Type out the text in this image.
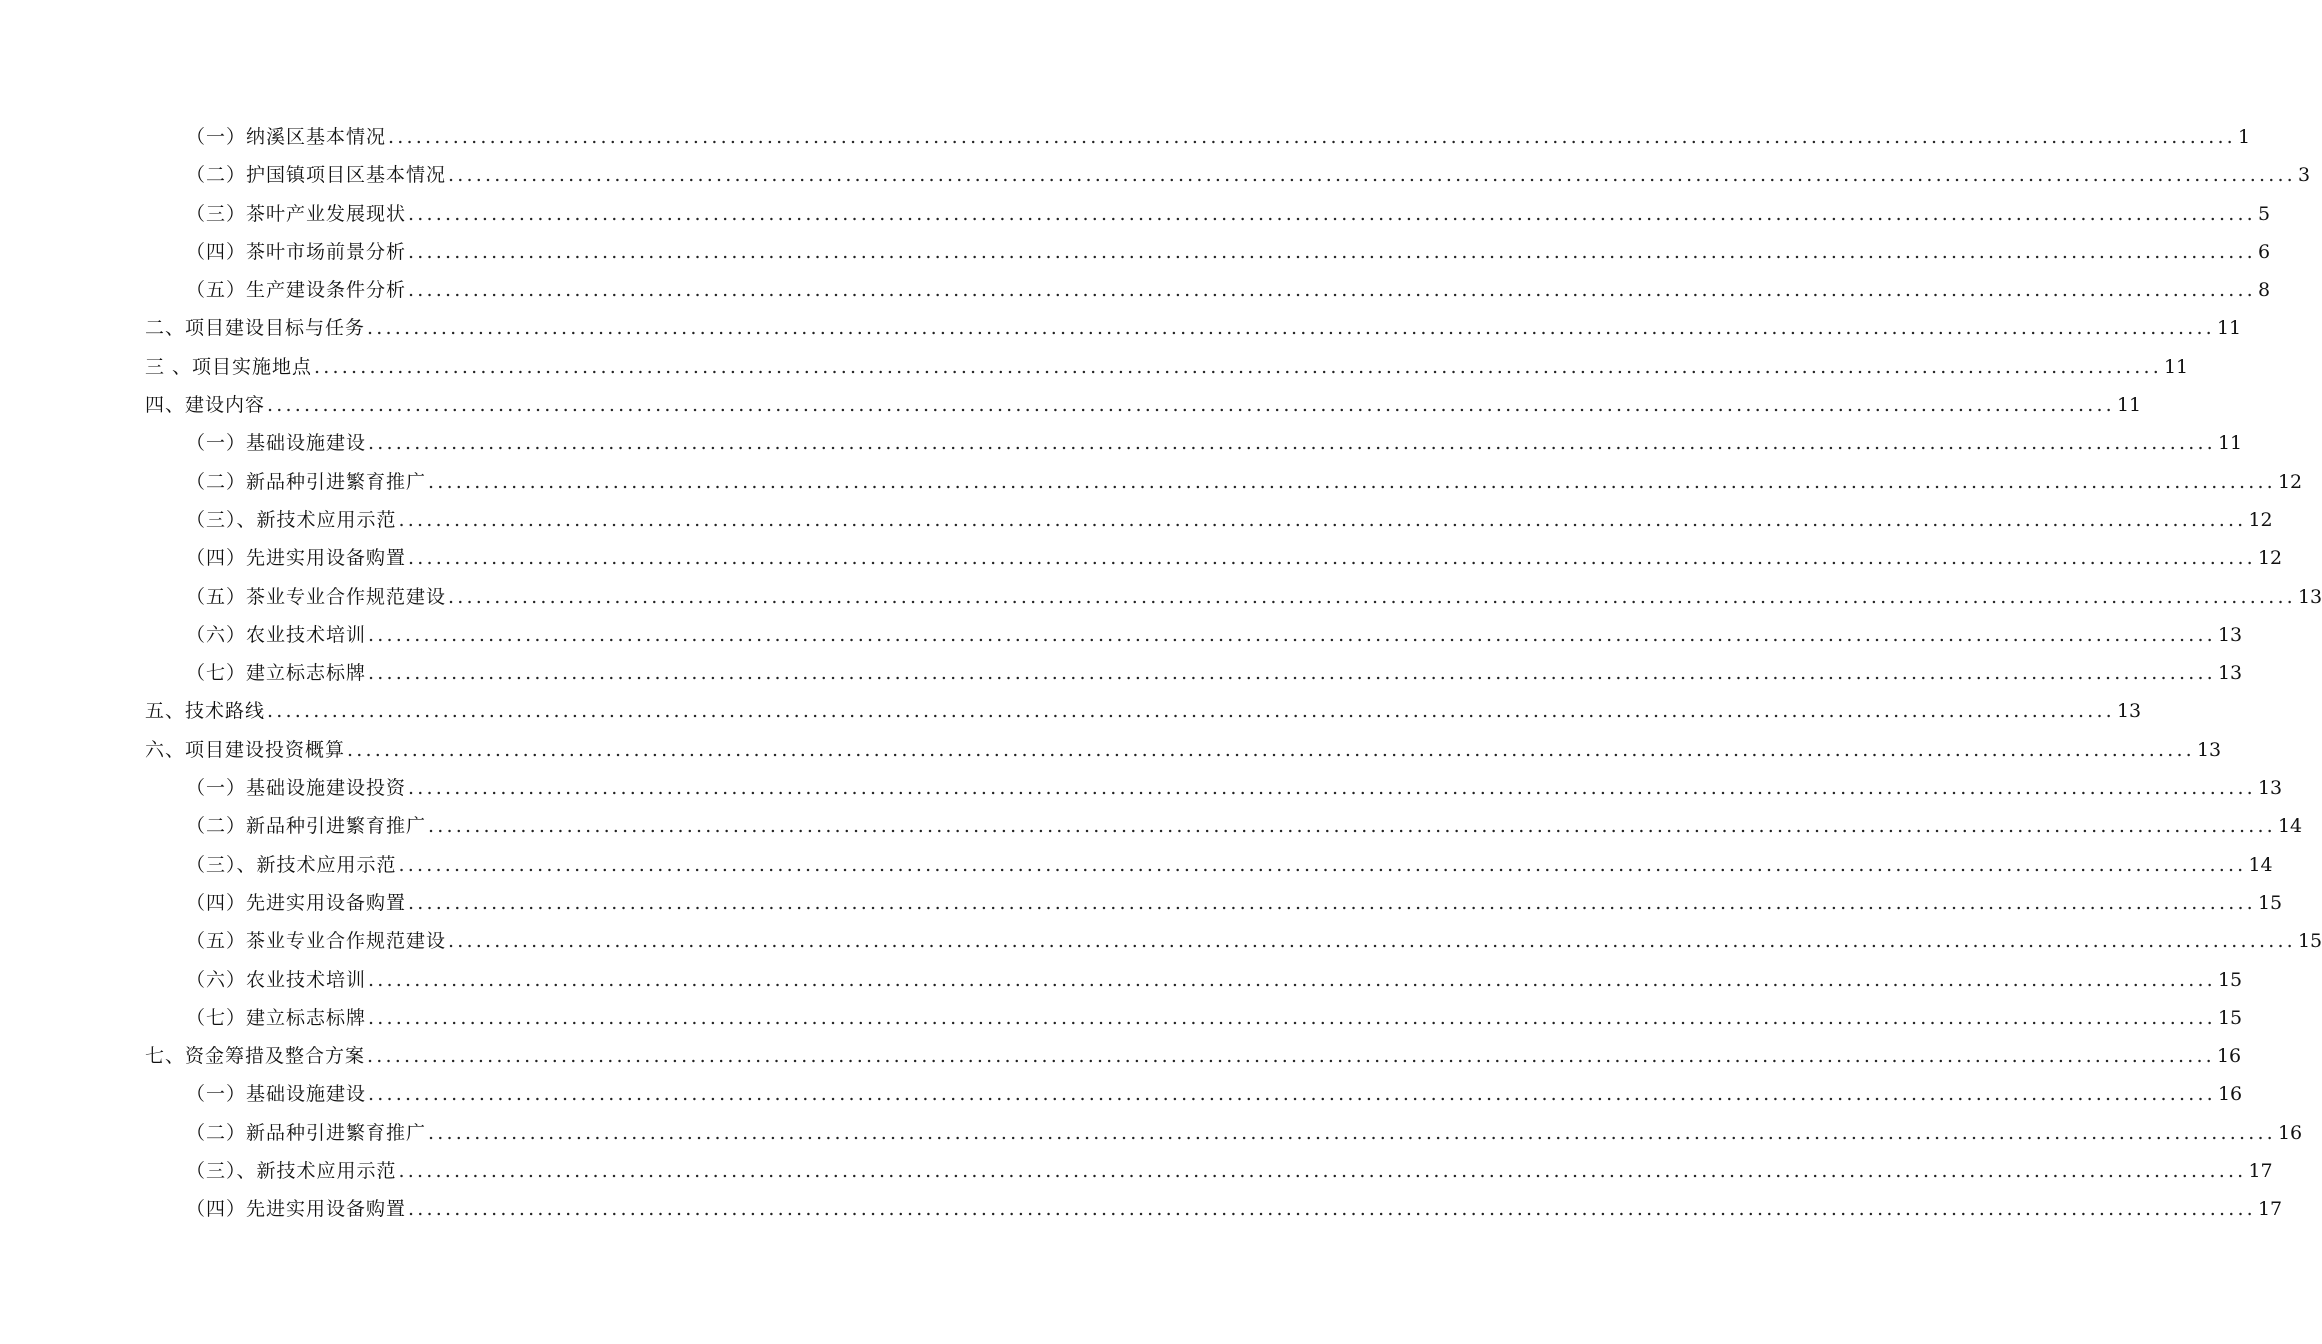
（一）纳溪区基本情况 ........................................................................................................................................................................................................ 1
（二）护国镇项目区基本情况 ........................................................................................................................................................................................................ 3
（三）茶叶产业发展现状 ........................................................................................................................................................................................................ 5
（四）茶叶市场前景分析 ........................................................................................................................................................................................................ 6
（五）生产建设条件分析 ........................................................................................................................................................................................................ 8
二、项目建设目标与任务 ........................................................................................................................................................................................................ 11
三 、项目实施地点 ........................................................................................................................................................................................................ 11
四、建设内容 ........................................................................................................................................................................................................ 11
（一）基础设施建设 ........................................................................................................................................................................................................ 11
（二）新品种引进繁育推广 ........................................................................................................................................................................................................ 12
（三）、新技术应用示范 ........................................................................................................................................................................................................ 12
（四）先进实用设备购置 ........................................................................................................................................................................................................ 12
（五）茶业专业合作规范建设 ........................................................................................................................................................................................................ 13
（六）农业技术培训 ........................................................................................................................................................................................................ 13
（七）建立标志标牌 ........................................................................................................................................................................................................ 13
五、技术路线 ........................................................................................................................................................................................................ 13
六、项目建设投资概算 ........................................................................................................................................................................................................ 13
（一）基础设施建设投资 ........................................................................................................................................................................................................ 13
（二）新品种引进繁育推广 ........................................................................................................................................................................................................ 14
（三）、新技术应用示范 ........................................................................................................................................................................................................ 14
（四）先进实用设备购置 ........................................................................................................................................................................................................ 15
（五）茶业专业合作规范建设 ........................................................................................................................................................................................................ 15
（六）农业技术培训 ........................................................................................................................................................................................................ 15
（七）建立标志标牌 ........................................................................................................................................................................................................ 15
七、资金筹措及整合方案 ........................................................................................................................................................................................................ 16
（一）基础设施建设 ........................................................................................................................................................................................................ 16
（二）新品种引进繁育推广 ........................................................................................................................................................................................................ 16
（三）、新技术应用示范 ........................................................................................................................................................................................................ 17
（四）先进实用设备购置 ........................................................................................................................................................................................................ 17
